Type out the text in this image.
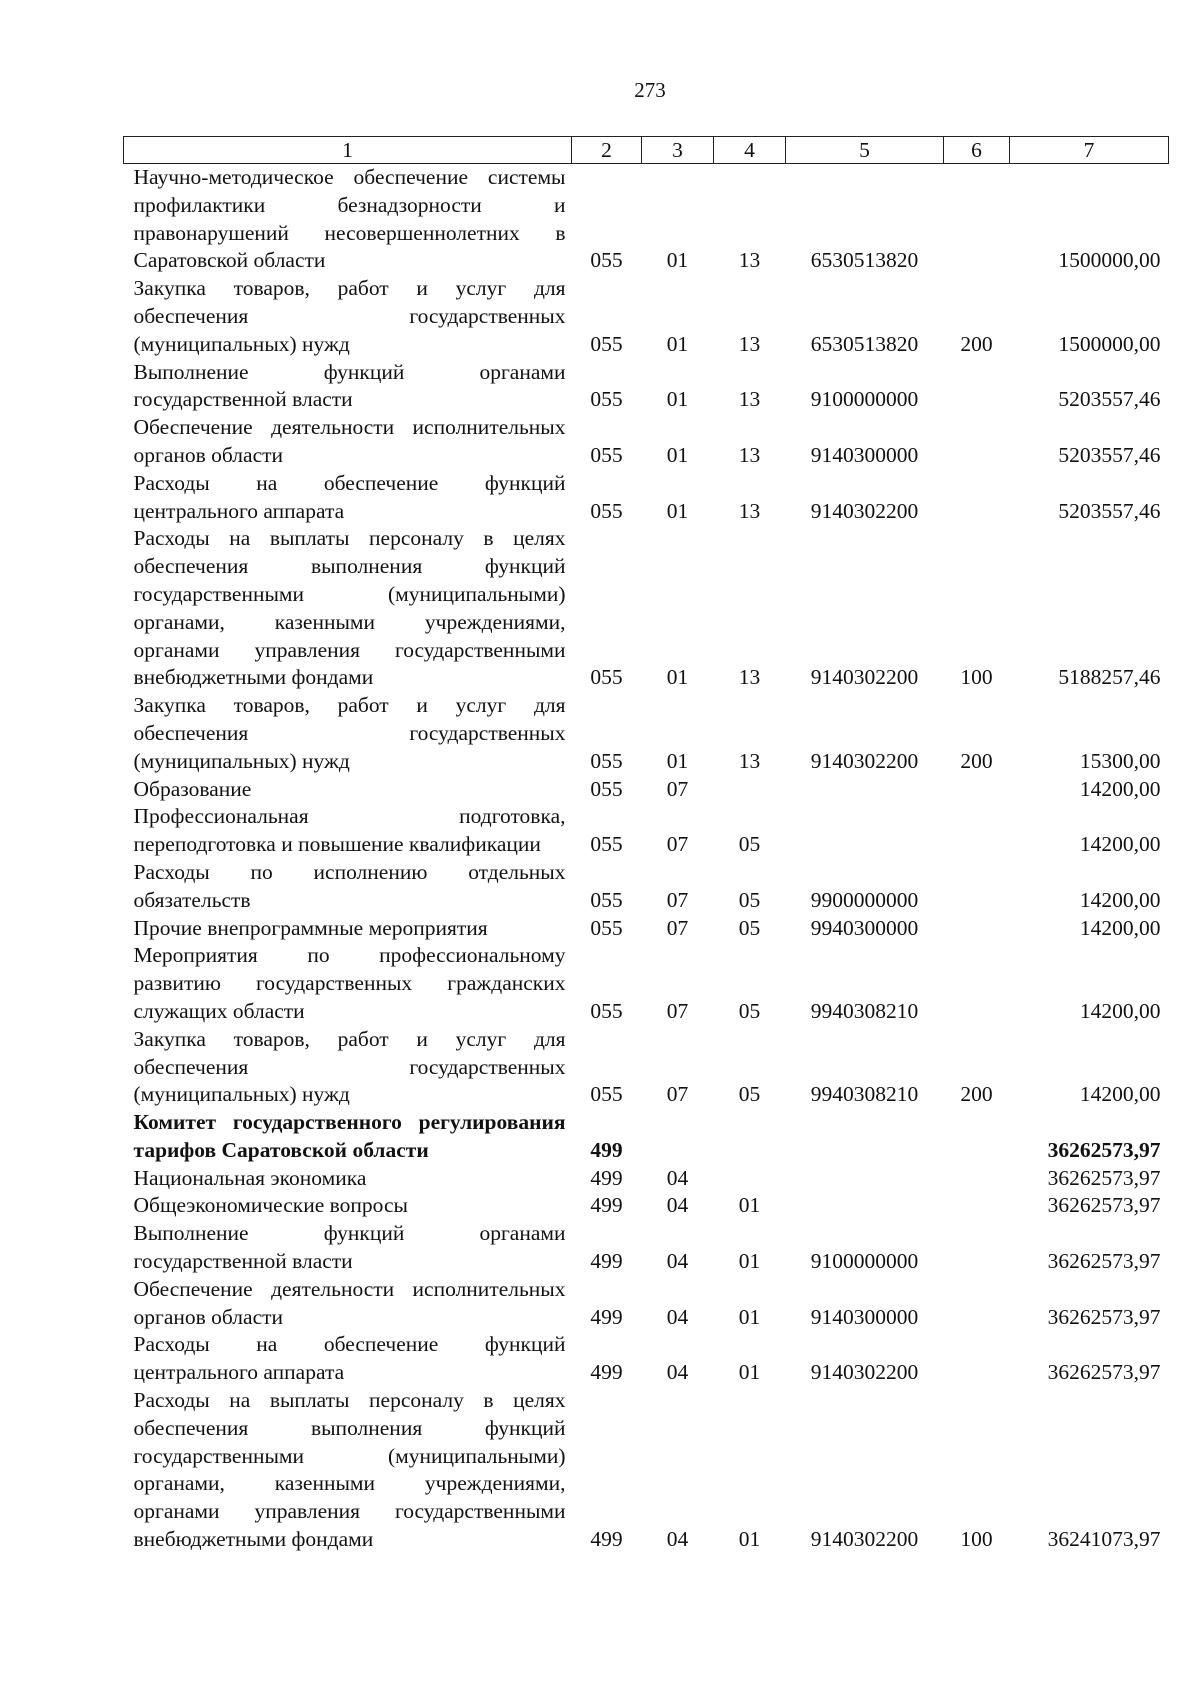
273
1	2	3	4	5	6	7
Научно-методическое обеспечение системы профилактики безнадзорности и правонарушений несовершеннолетних в Саратовской области	055	01	13	6530513820		1500000,00
Закупка товаров, работ и услуг для обеспечения государственных (муниципальных) нужд	055	01	13	6530513820	200	1500000,00
Выполнение функций органами государственной власти	055	01	13	9100000000		5203557,46
Обеспечение деятельности исполнительных органов области	055	01	13	9140300000		5203557,46
Расходы на обеспечение функций центрального аппарата	055	01	13	9140302200		5203557,46
Расходы на выплаты персоналу в целях обеспечения выполнения функций государственными (муниципальными) органами, казенными учреждениями, органами управления государственными внебюджетными фондами	055	01	13	9140302200	100	5188257,46
Закупка товаров, работ и услуг для обеспечения государственных (муниципальных) нужд	055	01	13	9140302200	200	15300,00
Образование	055	07				14200,00
Профессиональная подготовка, переподготовка и повышение квалификации	055	07	05			14200,00
Расходы по исполнению отдельных обязательств	055	07	05	9900000000		14200,00
Прочие внепрограммные мероприятия	055	07	05	9940300000		14200,00
Мероприятия по профессиональному развитию государственных гражданских служащих области	055	07	05	9940308210		14200,00
Закупка товаров, работ и услуг для обеспечения государственных (муниципальных) нужд	055	07	05	9940308210	200	14200,00
Комитет государственного регулирования тарифов Саратовской области	499					36262573,97
Национальная экономика	499	04				36262573,97
Общеэкономические вопросы	499	04	01			36262573,97
Выполнение функций органами государственной власти	499	04	01	9100000000		36262573,97
Обеспечение деятельности исполнительных органов области	499	04	01	9140300000		36262573,97
Расходы на обеспечение функций центрального аппарата	499	04	01	9140302200		36262573,97
Расходы на выплаты персоналу в целях обеспечения выполнения функций государственными (муниципальными) органами, казенными учреждениями, органами управления государственными внебюджетными фондами	499	04	01	9140302200	100	36241073,97
